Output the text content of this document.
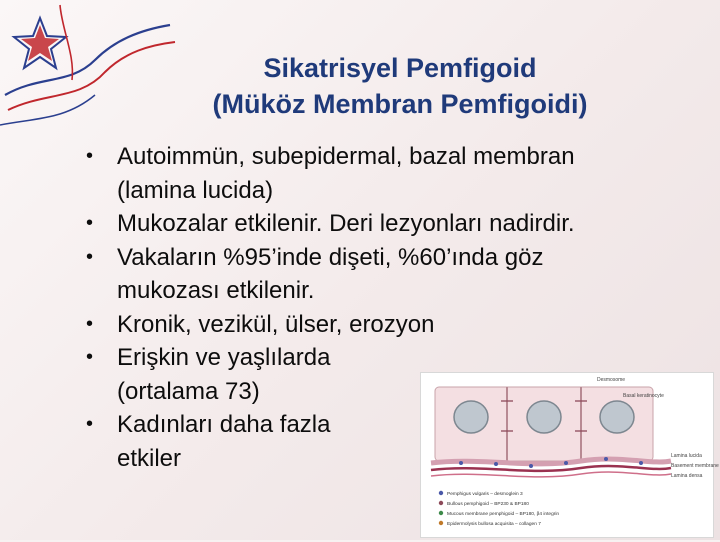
Sikatrisyel Pemfigoid
(Müköz Membran Pemfigoidi)
• Autoimmün, subepidermal, bazal membran
(lamina lucida)
• Mukozalar etkilenir. Deri lezyonları nadirdir.
• Vakaların %95’inde dişeti, %60’ında göz
mukozası etkilenir.
• Kronik, vezikül, ülser, erozyon
• Erişkin ve yaşlılarda
(ortalama 73)
• Kadınları daha fazla
etkiler
Desmosome
Basal keratinocyte
Lamina lucida
Lamina densa
Basement membrane
Pemphigus vulgaris – desmoglein 3
Bullous pemphigoid – BP230 & BP180
Mucous membrane pemphigoid – BP180, β4 integrin
Epidermolysis bullosa acquisita – collagen 7
